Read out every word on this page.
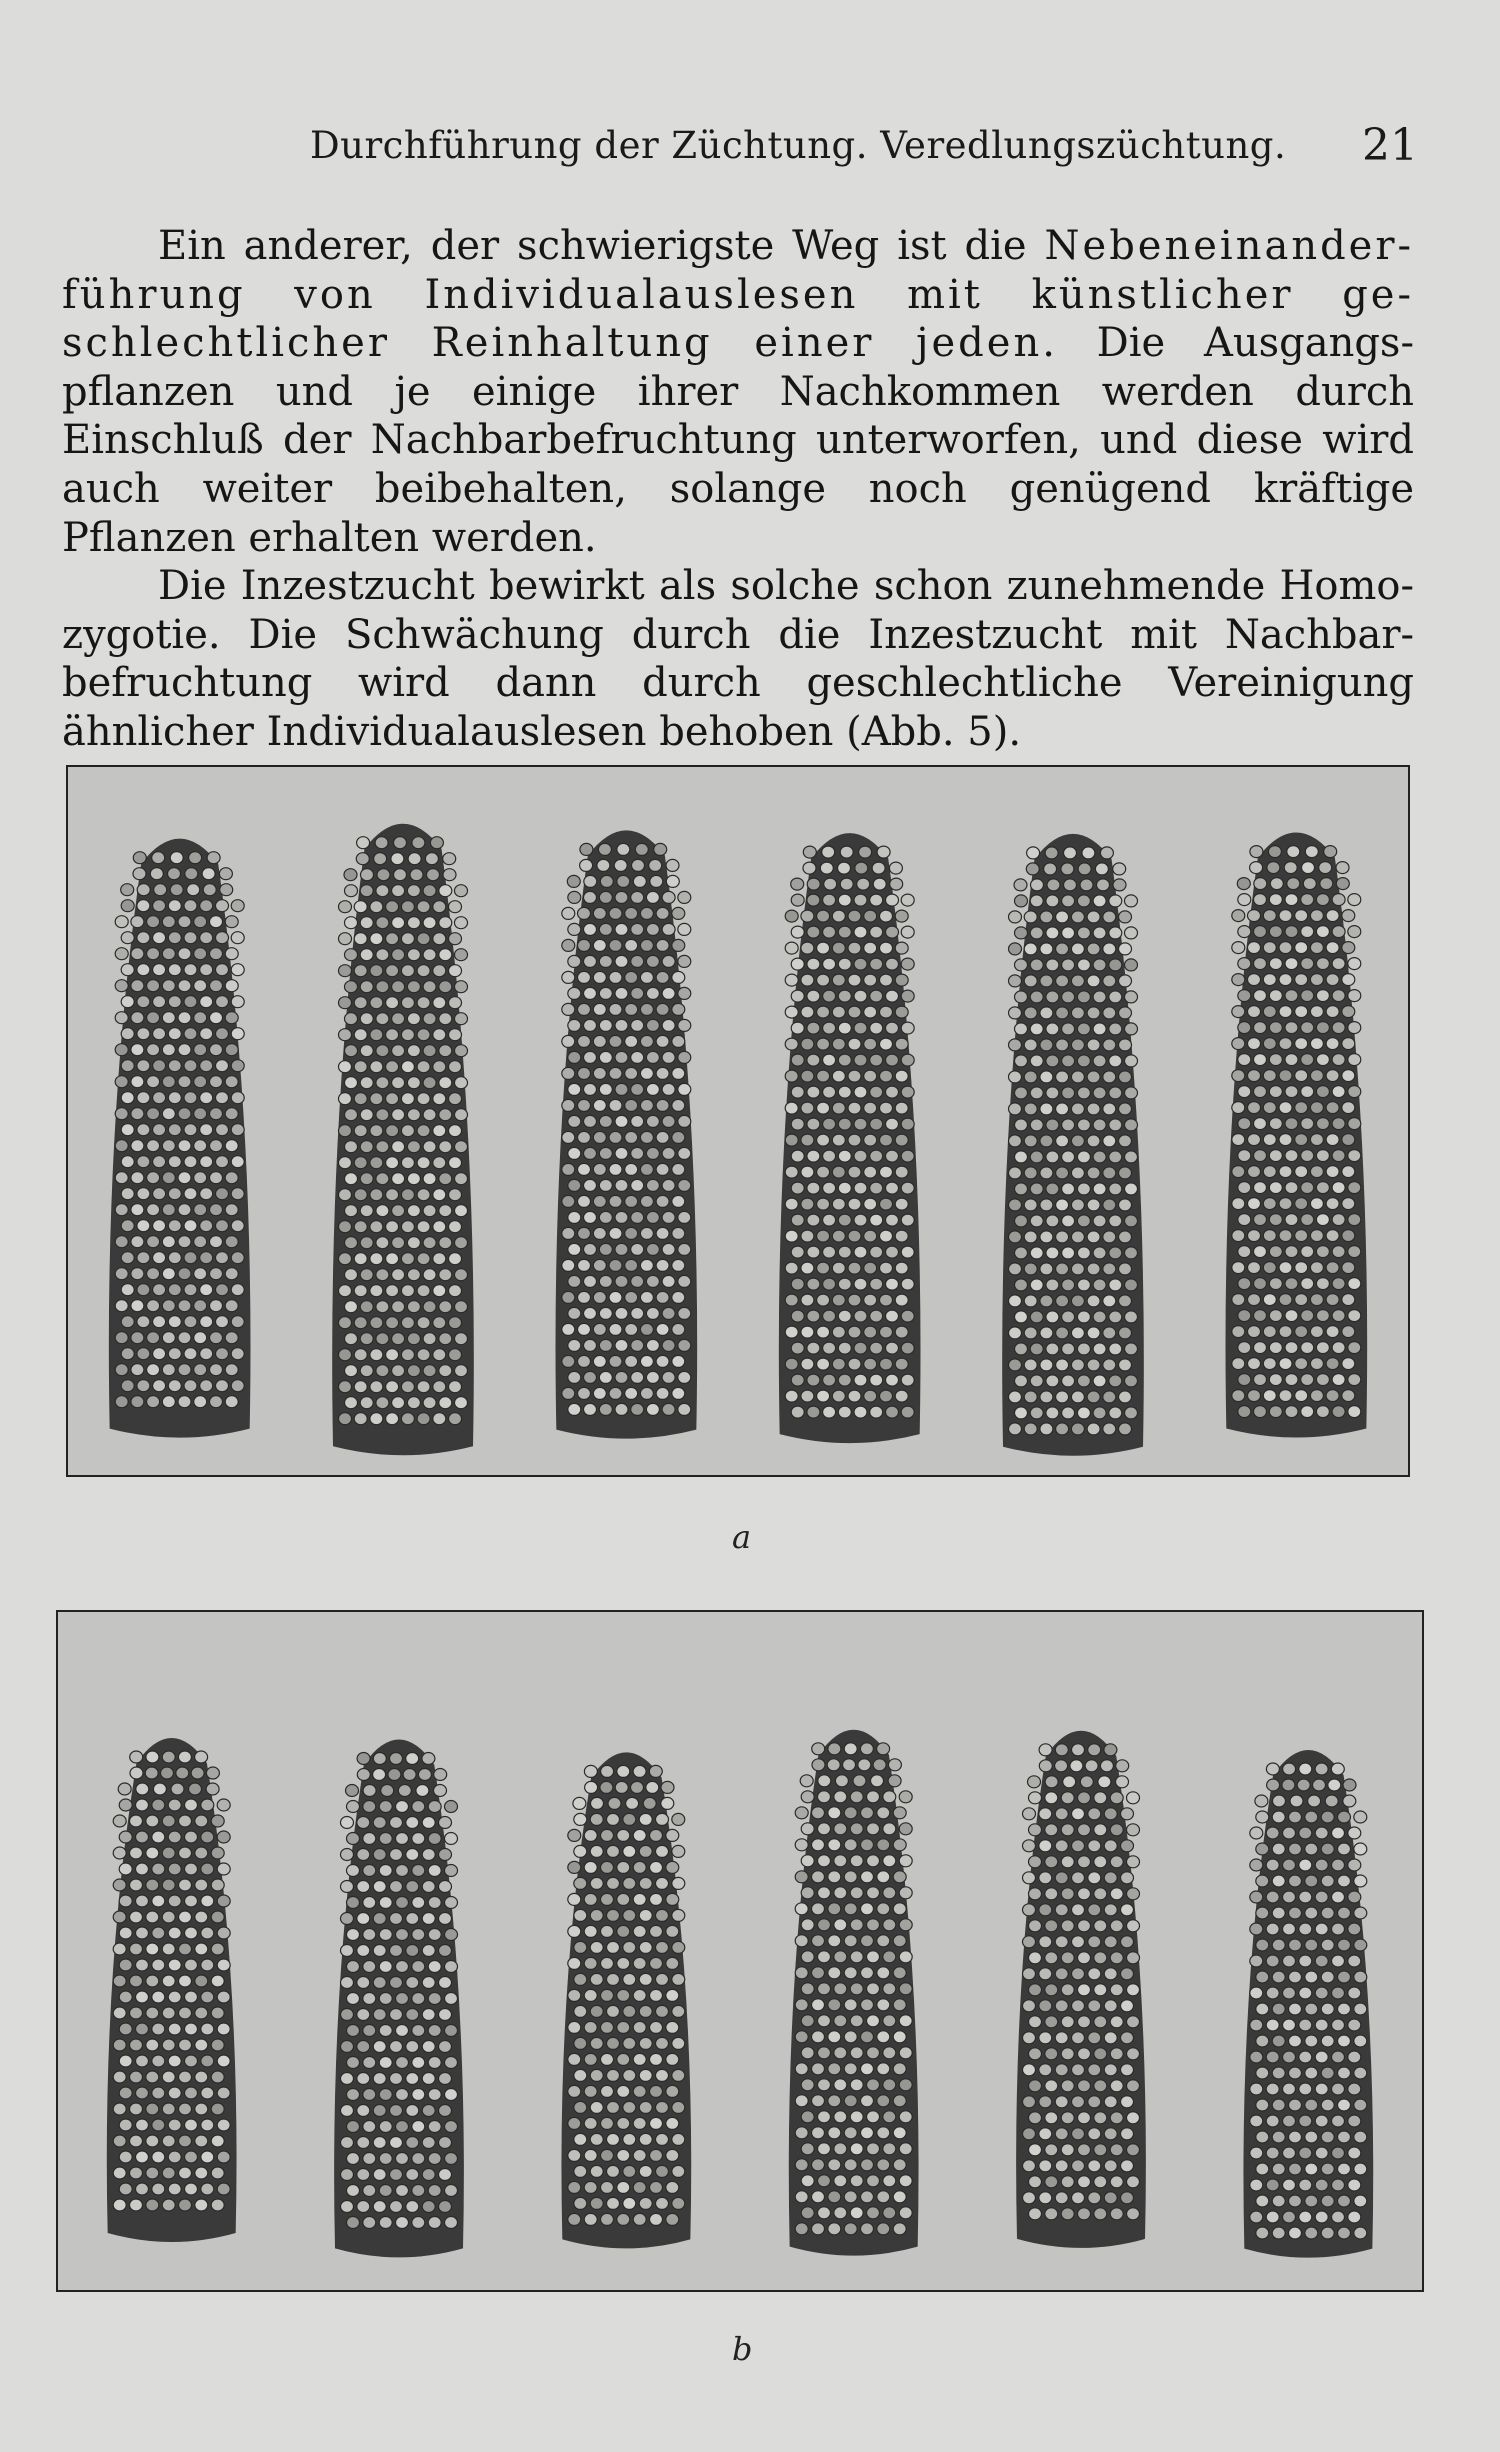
Durchführung der Züchtung. Veredlungszüchtung. 21

Ein anderer, der schwierigste Weg ist die Nebeneinander- führung von Individualauslesen mit künstlicher ge- schlechtlicher Reinhaltung einer jeden. Die Ausgangs- pflanzen und je einige ihrer Nachkommen werden durch Einschluß der Nachbarbefruchtung unterworfen, und diese wird auch weiter beibehalten, solange noch genügend kräftige Pflanzen erhalten werden.

Die Inzestzucht bewirkt als solche schon zunehmende Homo- zygotie. Die Schwächung durch die Inzestzucht mit Nachbar- befruchtung wird dann durch geschlechtliche Vereinigung ähnlicher Individualauslesen behoben (Abb. 5).

a
b
